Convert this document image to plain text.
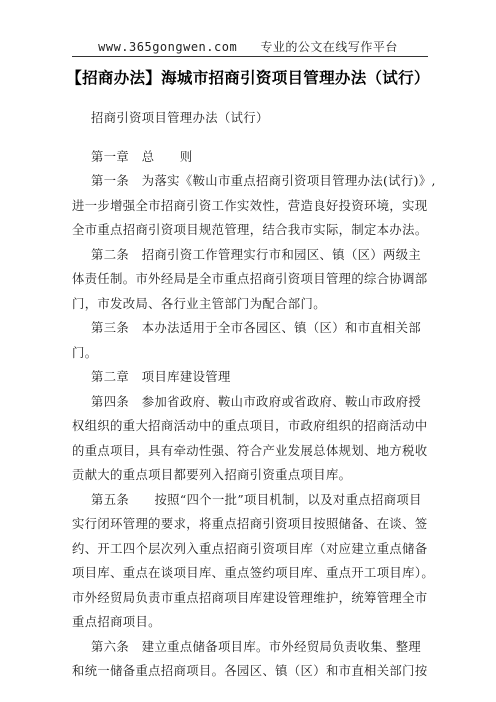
www.365gongwen.com 专业的公文在线写作平台
【招商办法】海城市招商引资项目管理办法（试行）
招商引资项目管理办法（试行）
第一章　总　　则
第一条　为落实《鞍山市重点招商引资项目管理办法(试行)》,
进一步增强全市招商引资工作实效性，营造良好投资环境，实现
全市重点招商引资项目规范管理，结合我市实际，制定本办法。
第二条　招商引资工作管理实行市和园区、镇（区）两级主
体责任制。市外经局是全市重点招商引资项目管理的综合协调部
门，市发改局、各行业主管部门为配合部门。
第三条　本办法适用于全市各园区、镇（区）和市直相关部
门。
第二章　项目库建设管理
第四条　参加省政府、鞍山市政府或省政府、鞍山市政府授
权组织的重大招商活动中的重点项目，市政府组织的招商活动中
的重点项目，具有牵动性强、符合产业发展总体规划、地方税收
贡献大的重点项目都要列入招商引资重点项目库。
第五条　　按照“四个一批”项目机制，以及对重点招商项目
实行闭环管理的要求，将重点招商引资项目按照储备、在谈、签
约、开工四个层次列入重点招商引资项目库（对应建立重点储备
项目库、重点在谈项目库、重点签约项目库、重点开工项目库）。
市外经贸局负责市重点招商项目库建设管理维护，统筹管理全市
重点招商项目。
第六条　建立重点储备项目库。市外经贸局负责收集、整理
和统一储备重点招商项目。各园区、镇（区）和市直相关部门按
